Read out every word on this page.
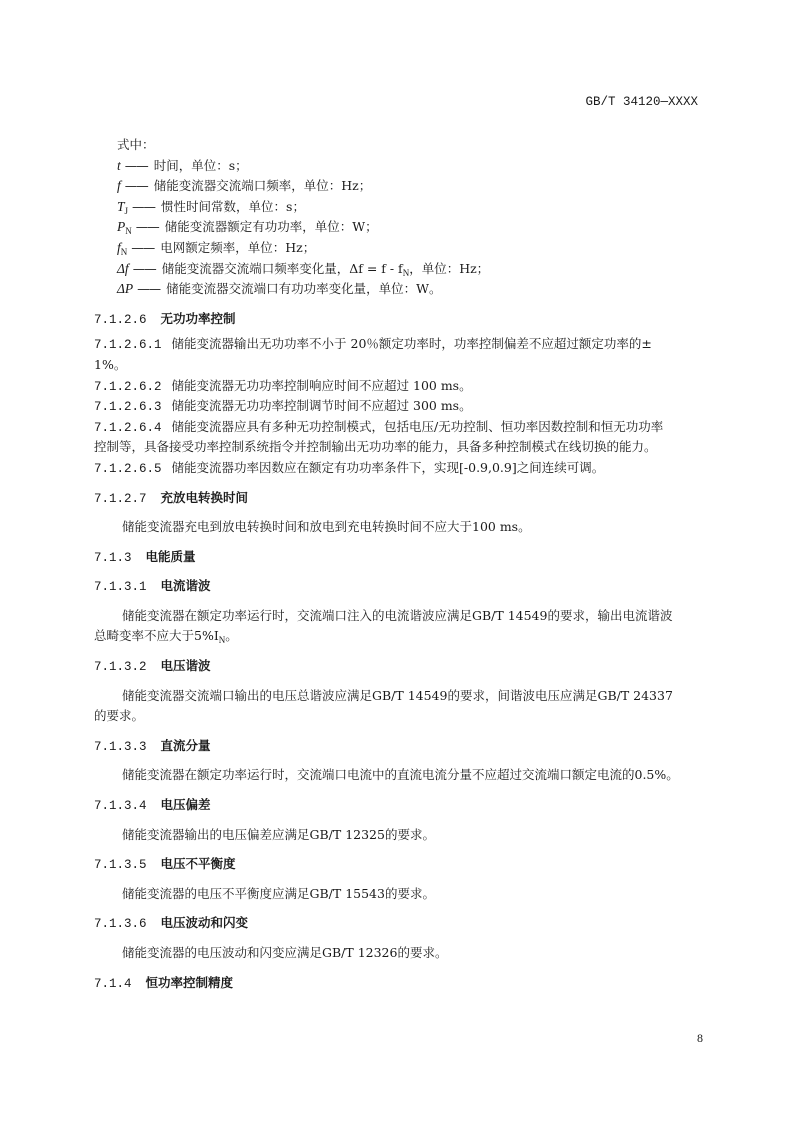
GB/T 34120—XXXX
式中：
t —— 时间，单位：s；
f —— 储能变流器交流端口频率，单位：Hz；
$T_J$ —— 惯性时间常数，单位：s；
$P_N$ —— 储能变流器额定有功功率，单位：W；
$f_N$ —— 电网额定频率，单位：Hz；
Δf —— 储能变流器交流端口频率变化量，$\Delta f = f - f_N$，单位：Hz；
ΔP —— 储能变流器交流端口有功功率变化量，单位：W。
7.1.2.6 无功功率控制
7.1.2.6.1 储能变流器输出无功功率不小于 20％额定功率时，功率控制偏差不应超过额定功率的±
1%。
7.1.2.6.2 储能变流器无功功率控制响应时间不应超过 100 ms。
7.1.2.6.3 储能变流器无功功率控制调节时间不应超过 300 ms。
7.1.2.6.4 储能变流器应具有多种无功控制模式，包括电压/无功控制、恒功率因数控制和恒无功功率
控制等，具备接受功率控制系统指令并控制输出无功功率的能力，具备多种控制模式在线切换的能力。
7.1.2.6.5 储能变流器功率因数应在额定有功功率条件下，实现[-0.9,0.9]之间连续可调。
7.1.2.7 充放电转换时间
储能变流器充电到放电转换时间和放电到充电转换时间不应大于100 ms。
7.1.3 电能质量
7.1.3.1 电流谐波
储能变流器在额定功率运行时，交流端口注入的电流谐波应满足GB/T 14549的要求，输出电流谐波
总畸变率不应大于$5\%I_N$。
7.1.3.2 电压谐波
储能变流器交流端口输出的电压总谐波应满足GB/T 14549的要求，间谐波电压应满足GB/T 24337
的要求。
7.1.3.3 直流分量
储能变流器在额定功率运行时，交流端口电流中的直流电流分量不应超过交流端口额定电流的0.5%。
7.1.3.4 电压偏差
储能变流器输出的电压偏差应满足GB/T 12325的要求。
7.1.3.5 电压不平衡度
储能变流器的电压不平衡度应满足GB/T 15543的要求。
7.1.3.6 电压波动和闪变
储能变流器的电压波动和闪变应满足GB/T 12326的要求。
7.1.4 恒功率控制精度
8
